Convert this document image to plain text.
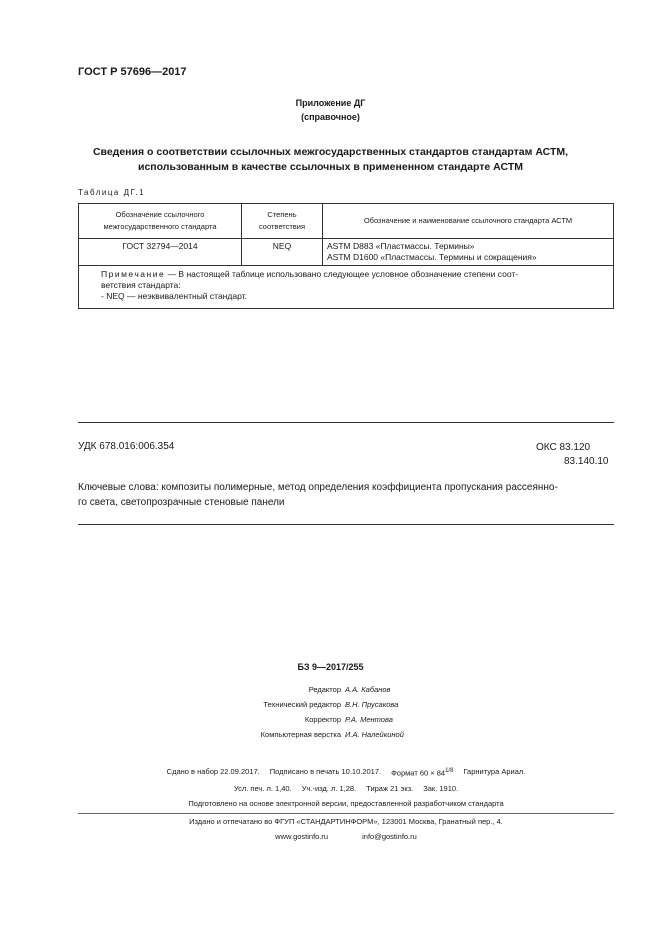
ГОСТ Р 57696—2017
Приложение ДГ
(справочное)
Сведения о соответствии ссылочных межгосударственных стандартов стандартам АСТМ,
использованным в качестве ссылочных в примененном стандарте АСТМ
Таблица ДГ.1
Обозначение ссылочного межгосударственного стандарта	Степень соответствия	Обозначение и наименование ссылочного стандарта АСТМ
ГОСТ 32794—2014	NEQ	ASTM D883 «Пластмассы. Термины»
ASTM D1600 «Пластмассы. Термины и сокращения»

Примечание — В настоящей таблице использовано следующее условное обозначение степени соот-
ветствия стандарта:
- NEQ — неэквивалентный стандарт.		
УДК 678.016:006.354	ОКС 83.120
83.140.10
Ключевые слова: композиты полимерные, метод определения коэффициента пропускания рассеянно-
го света, светопрозрачные стеновые панели
БЗ 9—2017/255
Редактор А.А. Кабанов
Технический редактор В.Н. Прусакова
Корректор Р.А. Ментова
Компьютерная верстка И.А. Налейкиной
Сдано в набор 22.09.2017. Подписано в печать 10.10.2017. Формат $60 \times 84^{1/8}$ Гарнитура Ариал.
Усл. печ. л. 1,40. Уч.-изд. л. 1,28. Тираж 21 экз. Зак. 1910.
Подготовлено на основе электронной версии, предоставленной разработчиком стандарта
Издано и отпечатано во ФГУП «СТАНДАРТИНФОРМ», 123001 Москва, Гранатный пер., 4.
www.gostinfo.ru	info@gostinfo.ru
